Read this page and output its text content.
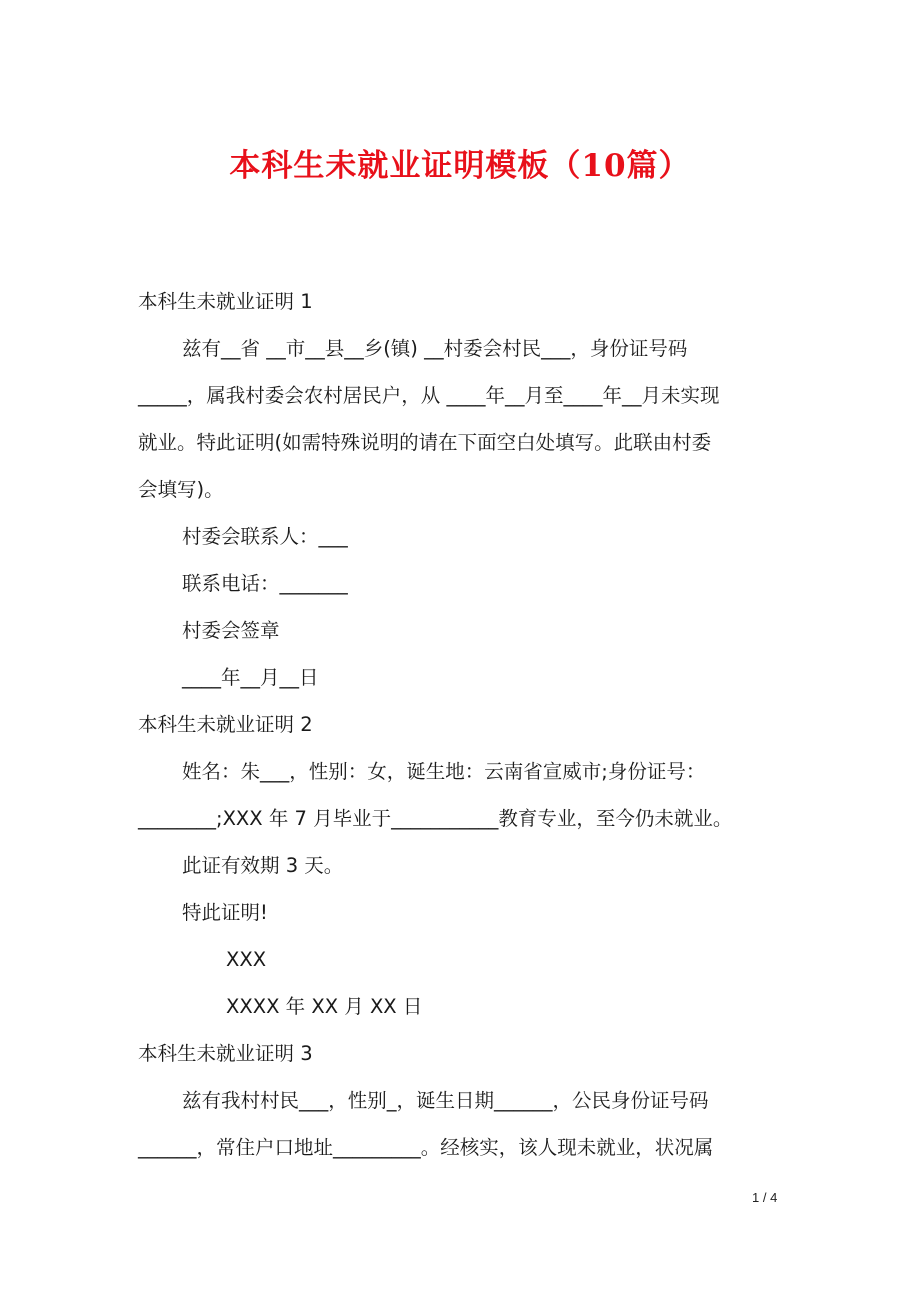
本科生未就业证明模板（10篇）

本科生未就业证明 1

兹有__省 __市__县__乡(镇) __村委会村民___，身份证号码

_____，属我村委会农村居民户，从 ____年__月至____年__月未实现

就业。特此证明(如需特殊说明的请在下面空白处填写。此联由村委

会填写)。

村委会联系人：___

联系电话：_______

村委会签章

____年__月__日

本科生未就业证明 2

姓名：朱___，性别：女，诞生地：云南省宣威市;身份证号：

________;XXX 年 7 月毕业于___________教育专业，至今仍未就业。

此证有效期 3 天。

特此证明!

XXX

XXXX 年 XX 月 XX 日

本科生未就业证明 3

兹有我村村民___，性别_，诞生日期______，公民身份证号码

______，常住户口地址_________。经核实，该人现未就业，状况属

1 / 4
